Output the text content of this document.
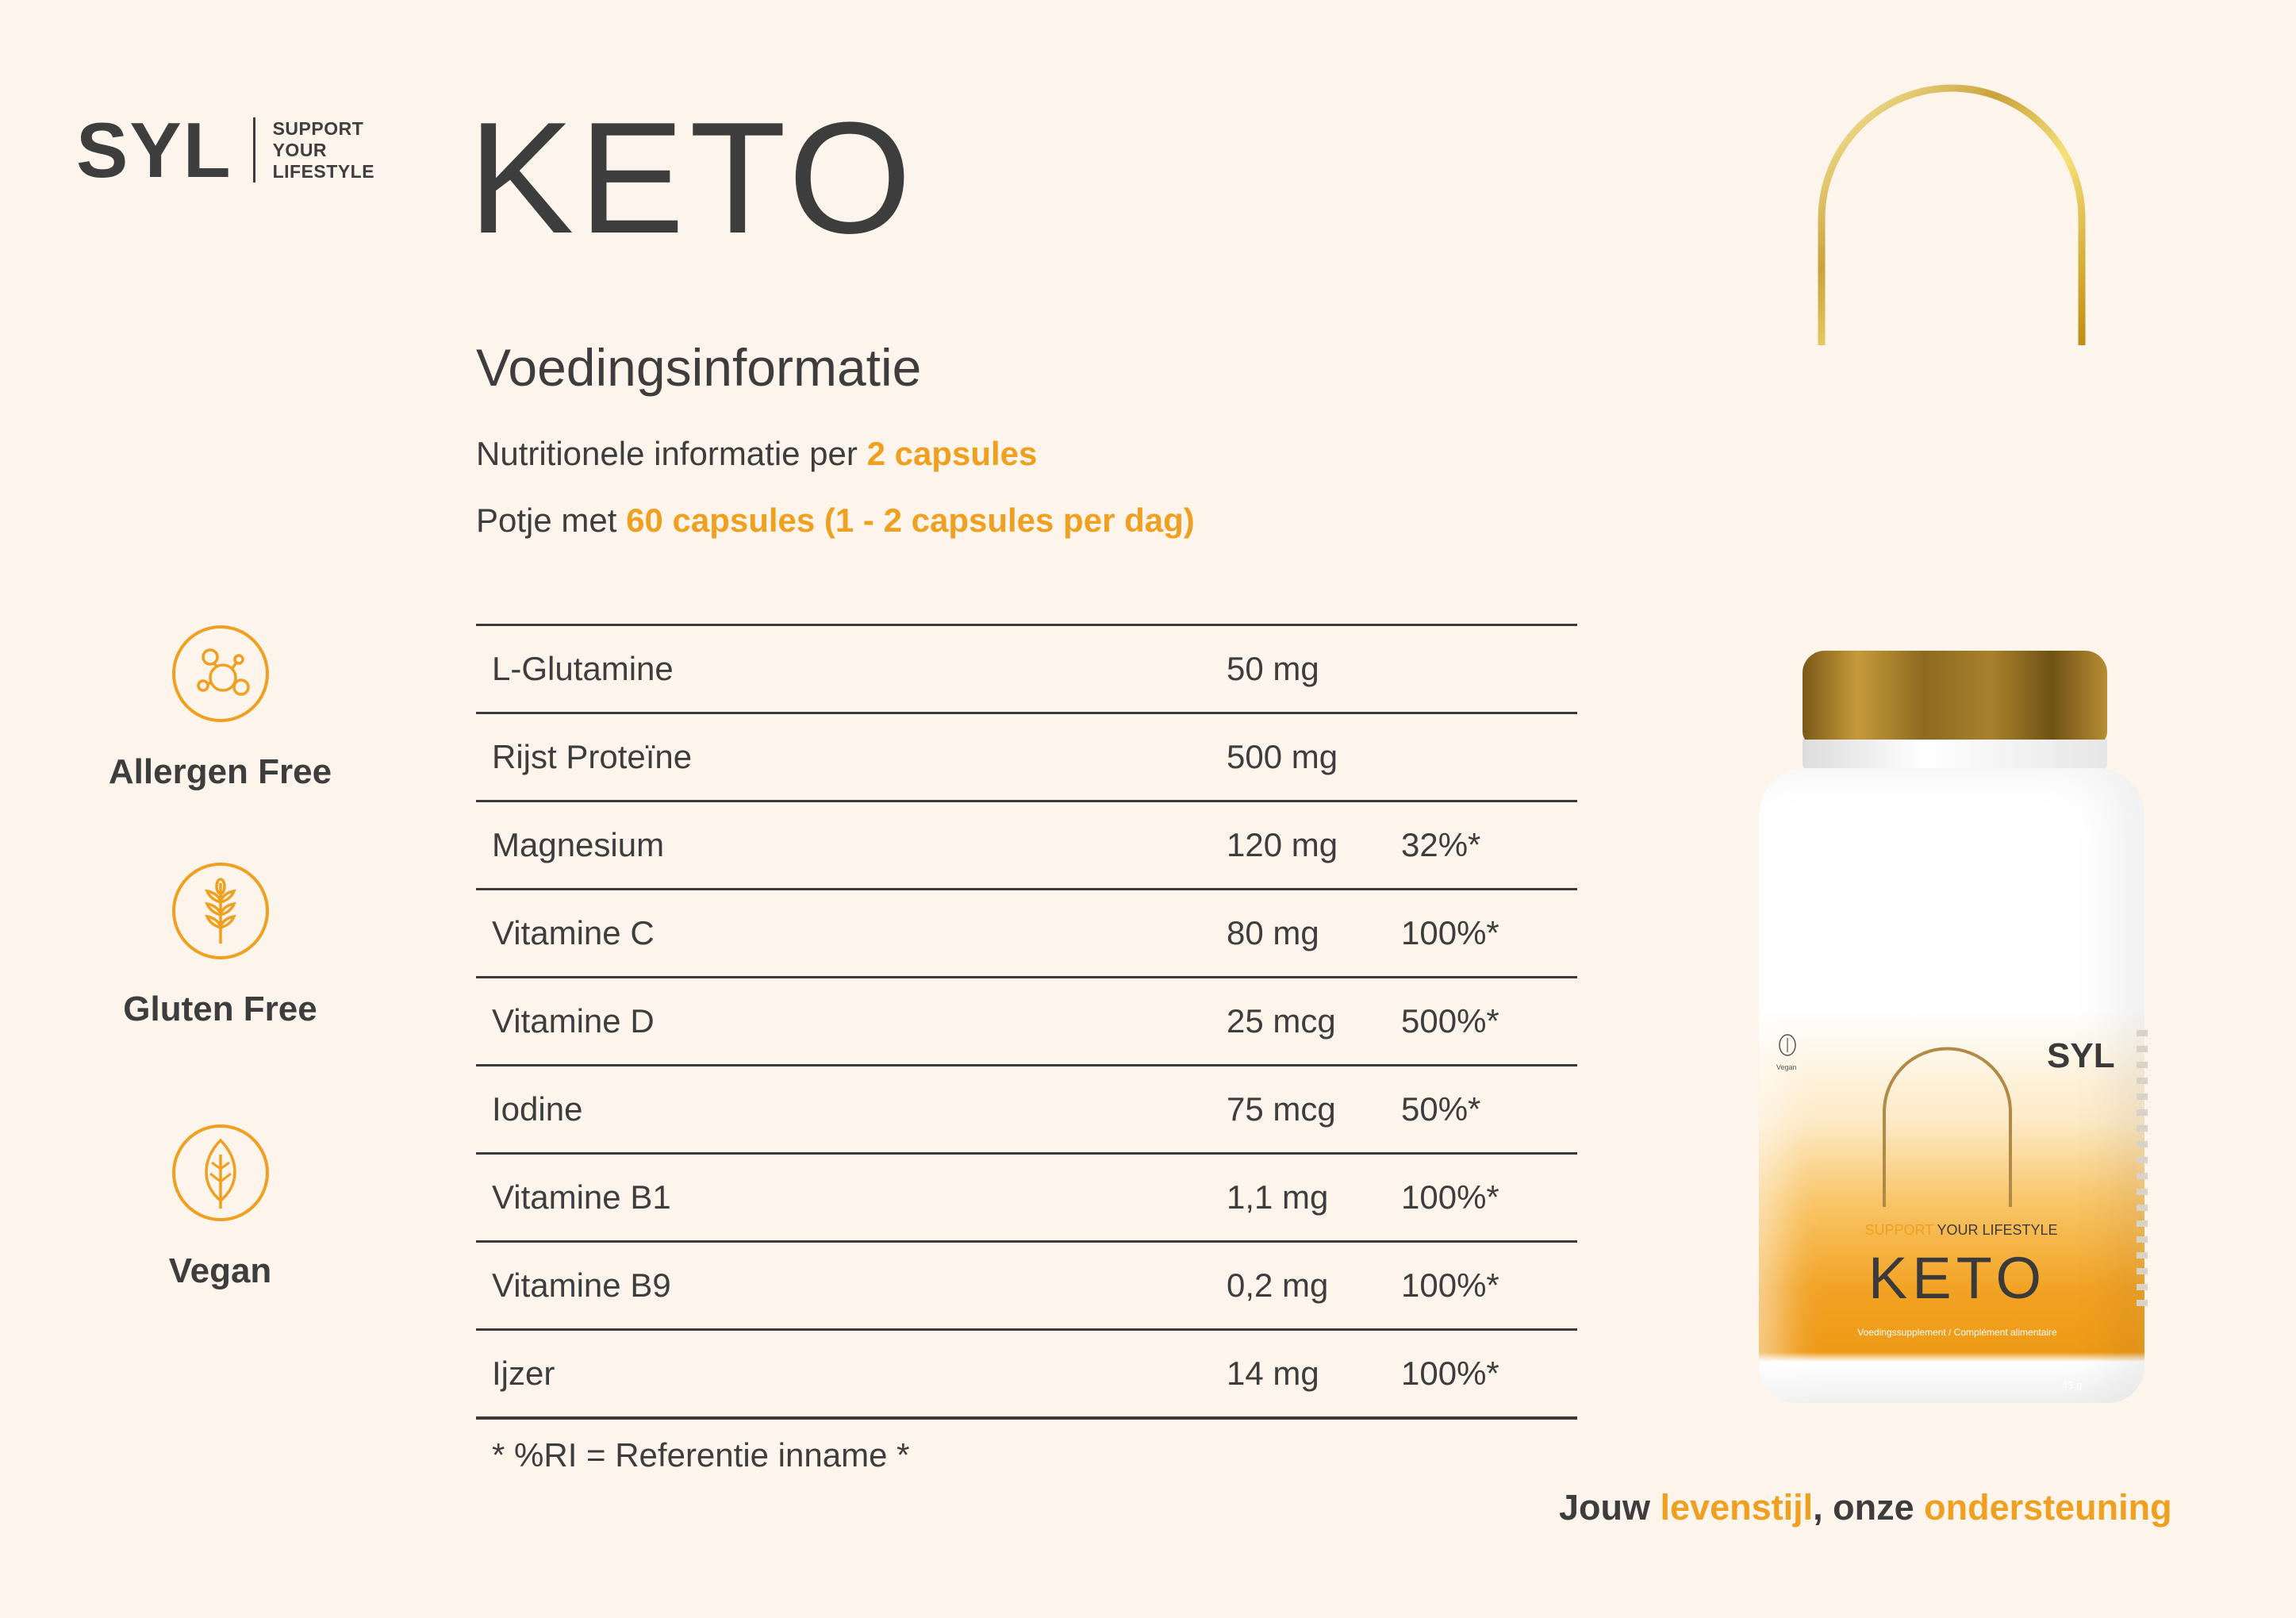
SYL SUPPORT
YOUR
LIFESTYLE KETO
Voedingsinformatie
Nutritionele informatie per 2 capsules
Potje met 60 capsules (1 - 2 capsules per dag)
Allergen Free
Gluten Free
Vegan
L-Glutamine	50 mg
Rijst Proteïne	500 mg
Magnesium	120 mg	32%*
Vitamine C	80 mg	100%*
Vitamine D	25 mcg	500%*
Iodine	75 mcg	50%*
Vitamine B1	1,1 mg	100%*
Vitamine B9	0,2 mg	100%*
Ijzer	14 mg	100%*
* %RI = Referentie inname *
Vegan	SYL
SUPPORT YOUR LIFESTYLE
KETO
Voedingssupplement / Complément alimentaire
43 g
Jouw levenstijl, onze ondersteuning
